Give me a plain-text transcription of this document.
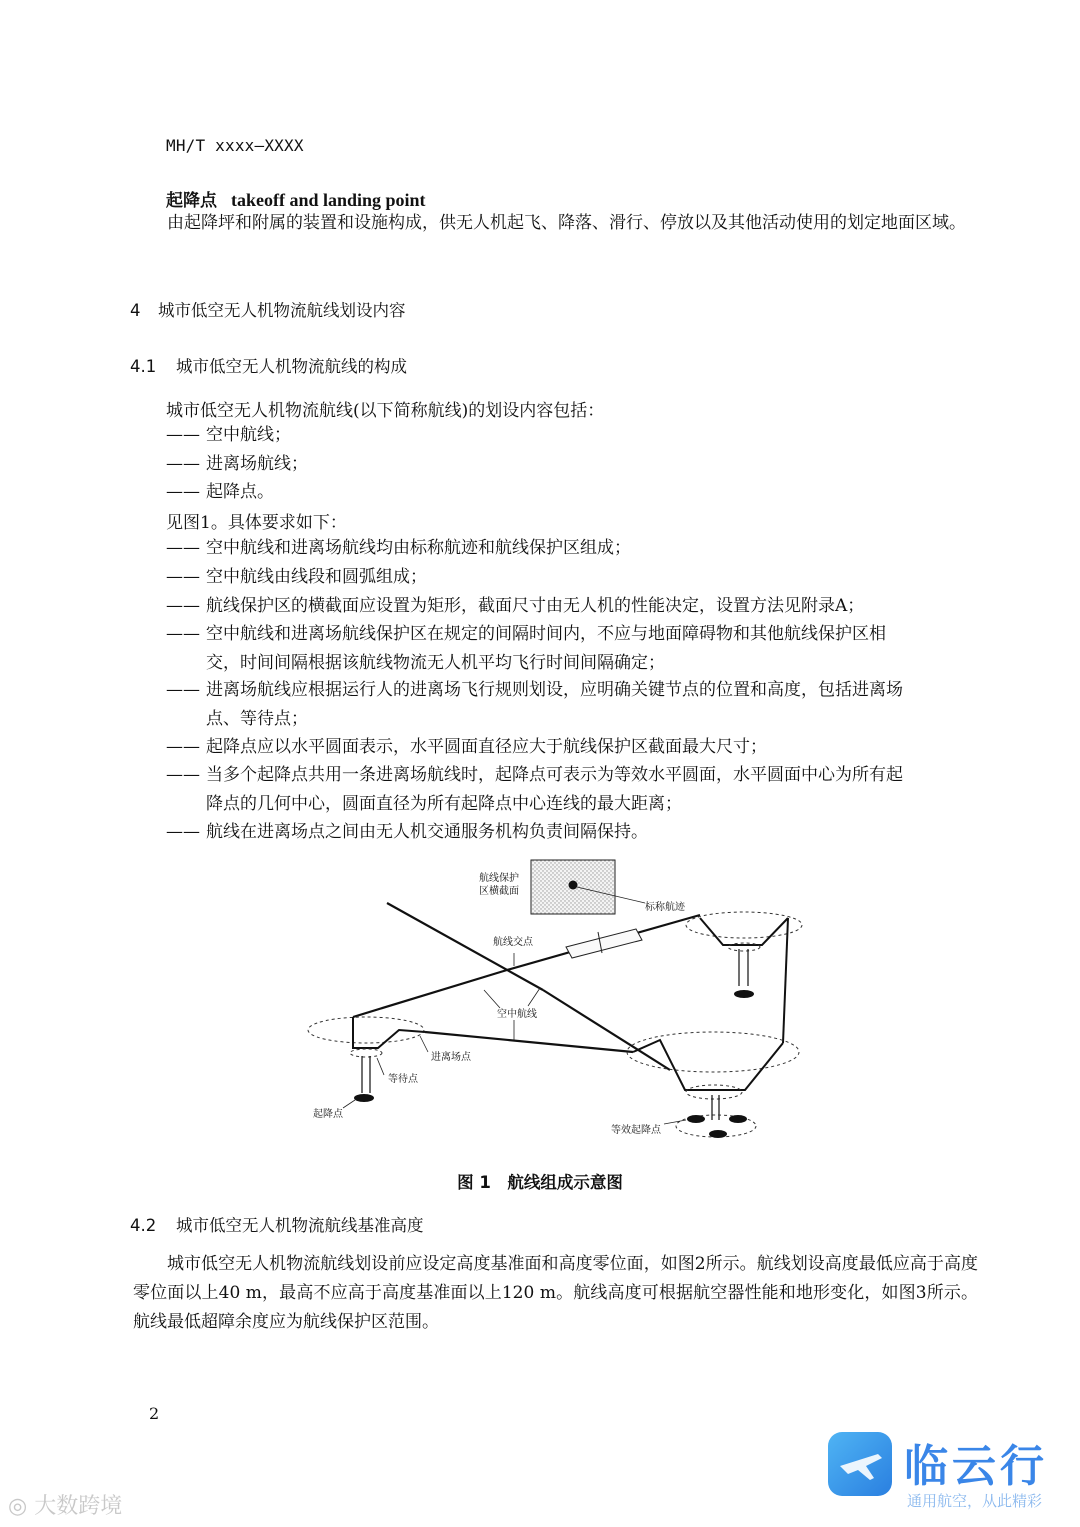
MH/T xxxx—XXXX
起降点 takeoff and landing point
由起降坪和附属的装置和设施构成，供无人机起飞、降落、滑行、停放以及其他活动使用的划定地面区域。
4 城市低空无人机物流航线划设内容
4.1 城市低空无人机物流航线的构成
城市低空无人机物流航线(以下简称航线)的划设内容包括：
—— 空中航线；
—— 进离场航线；
—— 起降点。
见图1。具体要求如下：
—— 空中航线和进离场航线均由标称航迹和航线保护区组成；
—— 空中航线由线段和圆弧组成；
—— 航线保护区的横截面应设置为矩形，截面尺寸由无人机的性能决定，设置方法见附录A；
—— 空中航线和进离场航线保护区在规定的间隔时间内，不应与地面障碍物和其他航线保护区相
交，时间间隔根据该航线物流无人机平均飞行时间间隔确定；
—— 进离场航线应根据运行人的进离场飞行规则划设，应明确关键节点的位置和高度，包括进离场
点、等待点；
—— 起降点应以水平圆面表示，水平圆面直径应大于航线保护区截面最大尺寸；
—— 当多个起降点共用一条进离场航线时，起降点可表示为等效水平圆面，水平圆面中心为所有起
降点的几何中心，圆面直径为所有起降点中心连线的最大距离；
—— 航线在进离场点之间由无人机交通服务机构负责间隔保持。
航线保护
区横截面
标称航迹
航线交点
空中航线
进离场点
等待点
起降点
等效起降点
图 1　航线组成示意图
4.2 城市低空无人机物流航线基准高度
城市低空无人机物流航线划设前应设定高度基准面和高度零位面，如图2所示。航线划设高度最低应高于高度零位面以上40 m，最高不应高于高度基准面以上120 m。航线高度可根据航空器性能和地形变化，如图3所示。航线最低超障余度应为航线保护区范围。
2
◎ 大数跨境
临云行
通用航空，从此精彩
